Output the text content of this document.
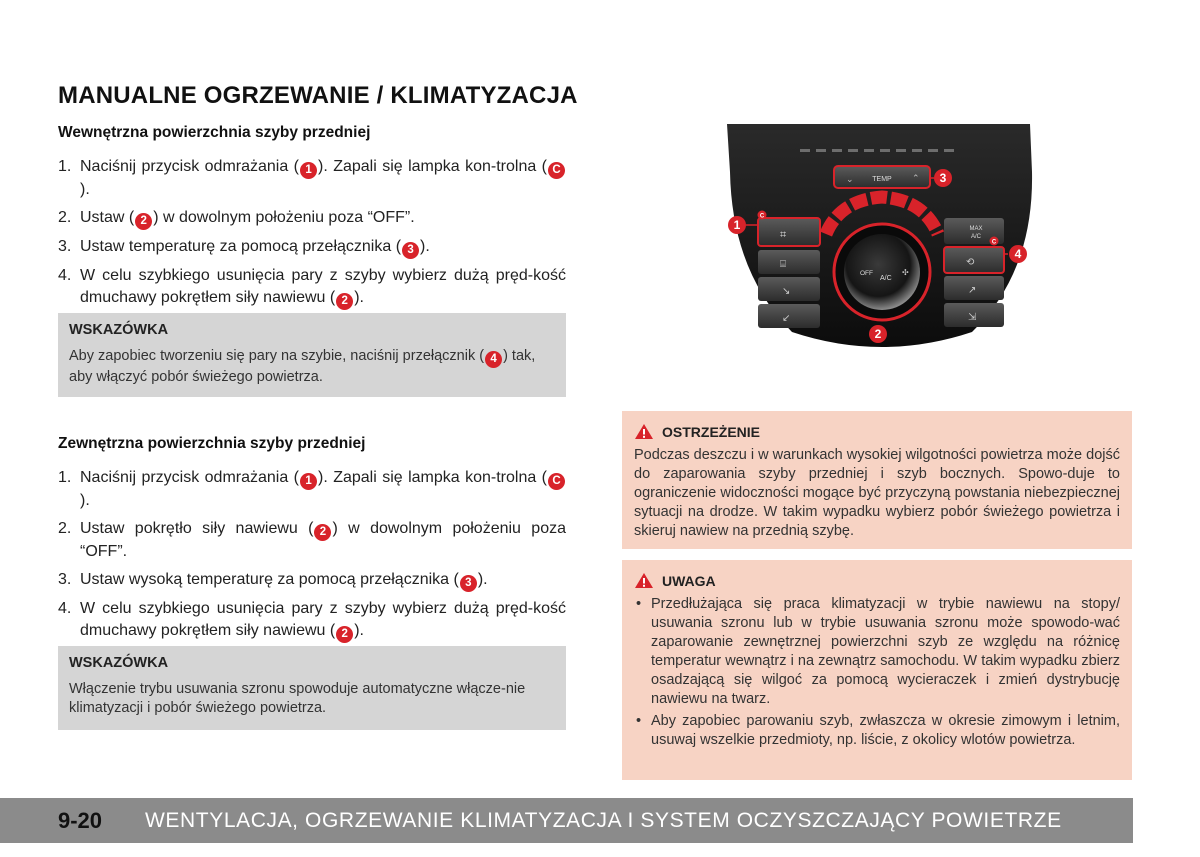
MANUALNE OGRZEWANIE / KLIMATYZACJA
Wewnętrzna powierzchnia szyby przedniej
1. Naciśnij przycisk odmrażania ( 1 ). Zapali się lampka kon-trolna ( C).
2. Ustaw ( 2 ) w dowolnym położeniu poza “OFF”.
3. Ustaw temperaturę za pomocą przełącznika ( 3 ).
4. W celu szybkiego usunięcia pary z szyby wybierz dużą pręd-kość dmuchawy pokrętłem siły nawiewu ( 2 ).
WSKAZÓWKA
Aby zapobiec tworzeniu się pary na szybie, naciśnij przełącznik ( 4 ) tak, aby włączyć pobór świeżego powietrza.
Zewnętrzna powierzchnia szyby przedniej
1. Naciśnij przycisk odmrażania ( 1 ). Zapali się lampka kon-trolna ( C).
2. Ustaw pokrętło siły nawiewu ( 2 ) w dowolnym położeniu poza “OFF”.
3. Ustaw wysoką temperaturę za pomocą przełącznika ( 3 ).
4. W celu szybkiego usunięcia pary z szyby wybierz dużą pręd-kość dmuchawy pokrętłem siły nawiewu ( 2 ).
WSKAZÓWKA
Włączenie trybu usuwania szronu spowoduje automatyczne włącze-nie klimatyzacji i pobór świeżego powietrza.
TEMP
⌄	⌃
OFF
A/C
✣
⌗
⌸
↘
↙
MAX
A/C
⟲
↗
⇲
1
2
3
4
C
C
OSTRZEŻENIE
Podczas deszczu i w warunkach wysokiej wilgotności powietrza może dojść do zaparowania szyby przedniej i szyb bocznych. Spowo-duje to ograniczenie widoczności mogące być przyczyną powstania niebezpiecznej sytuacji na drodze. W takim wypadku wybierz pobór świeżego powietrza i skieruj nawiew na przednią szybę.
UWAGA
• Przedłużająca się praca klimatyzacji w trybie nawiewu na stopy/ usuwania szronu lub w trybie usuwania szronu może spowodo-wać zaparowanie zewnętrznej powierzchni szyb ze względu na różnicę temperatur wewnątrz i na zewnątrz samochodu. W takim wypadku zbierz osadzającą się wilgoć za pomocą wycieraczek i zmień dystrybucję nawiewu na twarz.
• Aby zapobiec parowaniu szyb, zwłaszcza w okresie zimowym i letnim, usuwaj wszelkie przedmioty, np. liście, z okolicy wlotów powietrza.
9-20	WENTYLACJA, OGRZEWANIE KLIMATYZACJA I SYSTEM OCZYSZCZAJĄCY POWIETRZE
